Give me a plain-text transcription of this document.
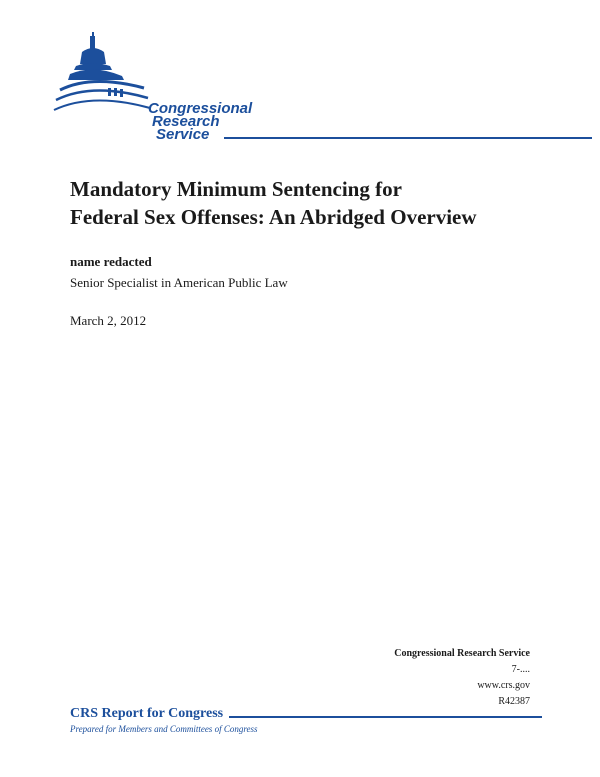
Congressional
Research
Service
Mandatory Minimum Sentencing for
Federal Sex Offenses: An Abridged Overview
name redacted
Senior Specialist in American Public Law
March 2, 2012
Congressional Research Service
7-....
www.crs.gov
R42387
CRS Report for Congress
Prepared for Members and Committees of Congress
